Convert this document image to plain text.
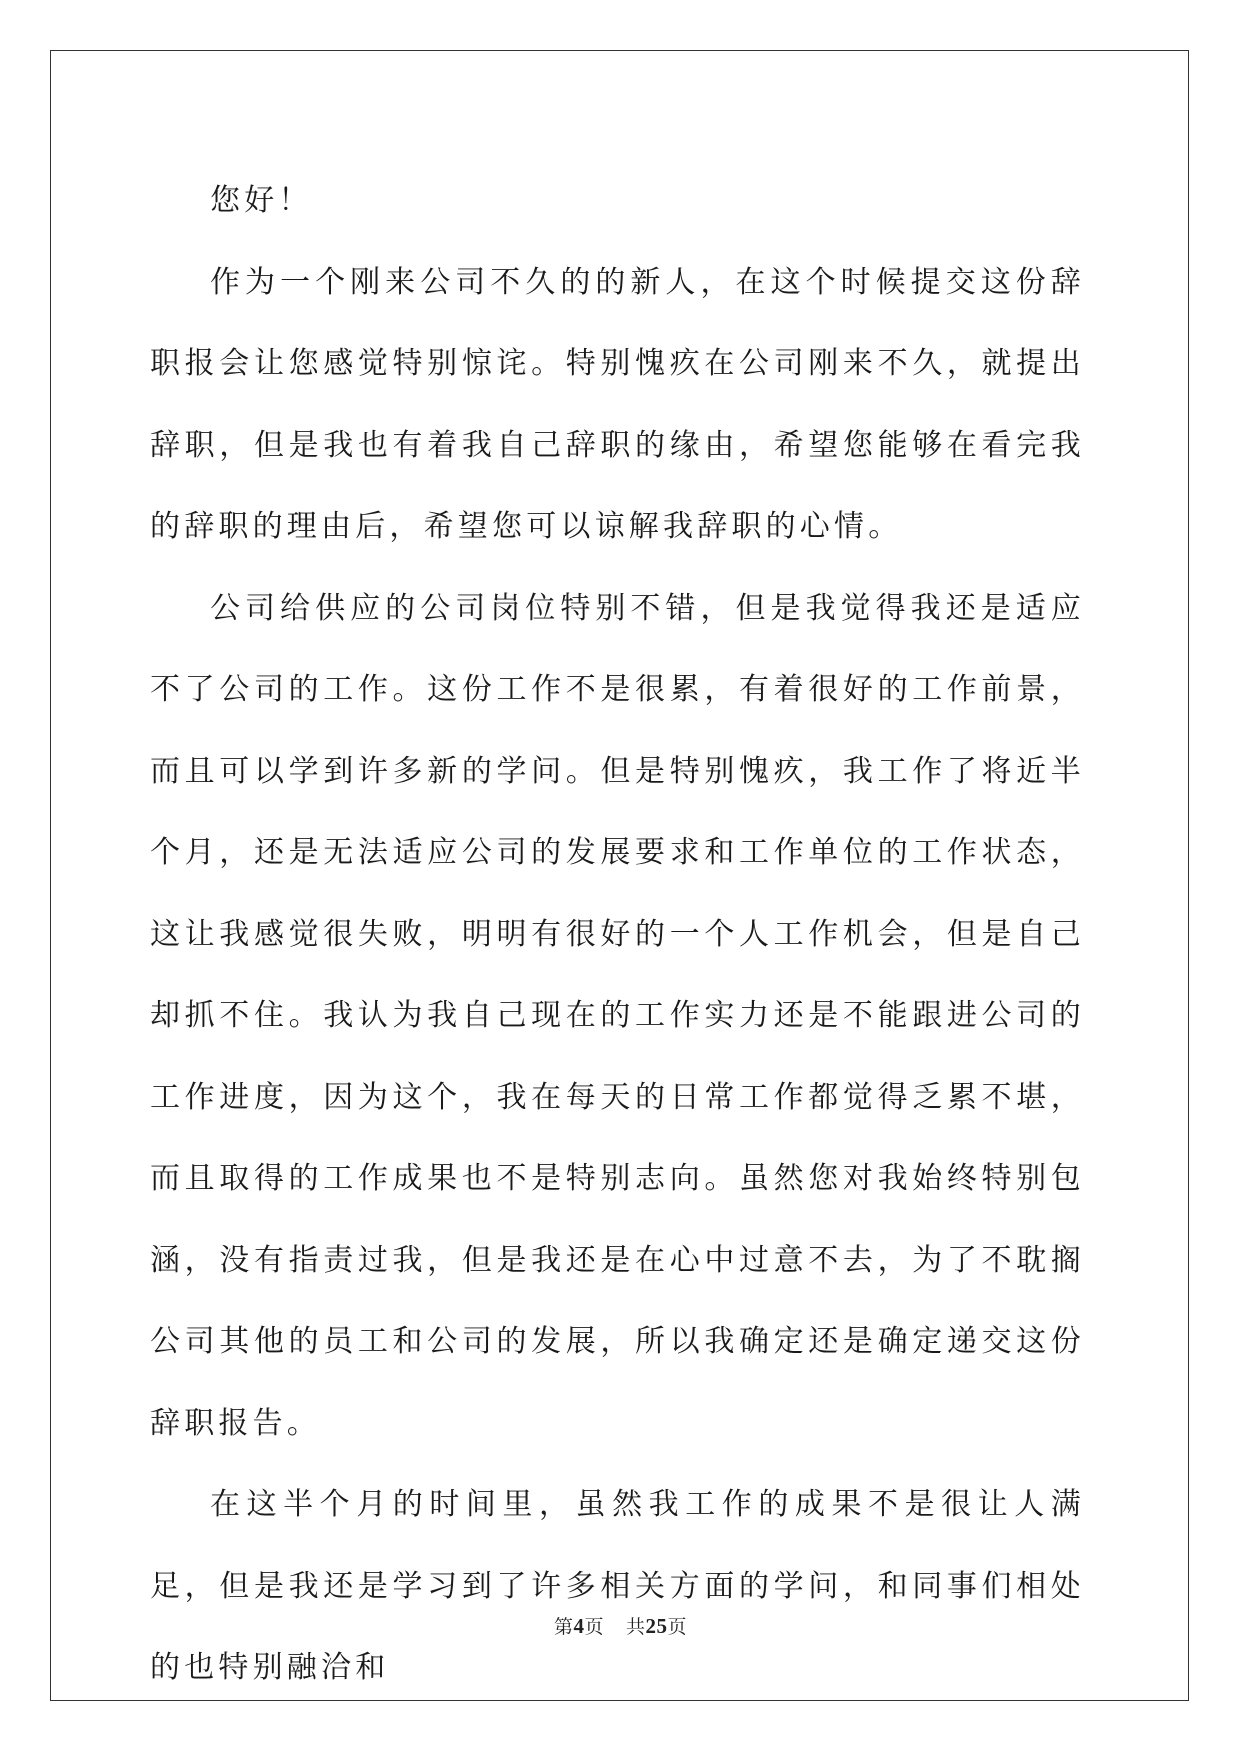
您好！

作为一个刚来公司不久的的新人，在这个时候提交这份辞职报会让您感觉特别惊诧。特别愧疚在公司刚来不久，就提出辞职，但是我也有着我自己辞职的缘由，希望您能够在看完我的辞职的理由后，希望您可以谅解我辞职的心情。

公司给供应的公司岗位特别不错，但是我觉得我还是适应不了公司的工作。这份工作不是很累，有着很好的工作前景，而且可以学到许多新的学问。但是特别愧疚，我工作了将近半个月，还是无法适应公司的发展要求和工作单位的工作状态，这让我感觉很失败，明明有很好的一个人工作机会，但是自己却抓不住。我认为我自己现在的工作实力还是不能跟进公司的工作进度，因为这个，我在每天的日常工作都觉得乏累不堪，而且取得的工作成果也不是特别志向。虽然您对我始终特别包涵，没有指责过我，但是我还是在心中过意不去，为了不耽搁公司其他的员工和公司的发展，所以我确定还是确定递交这份辞职报告。

在这半个月的时间里，虽然我工作的成果不是很让人满足，但是我还是学习到了许多相关方面的学问，和同事们相处的也特别融洽和

第4页 共25页
